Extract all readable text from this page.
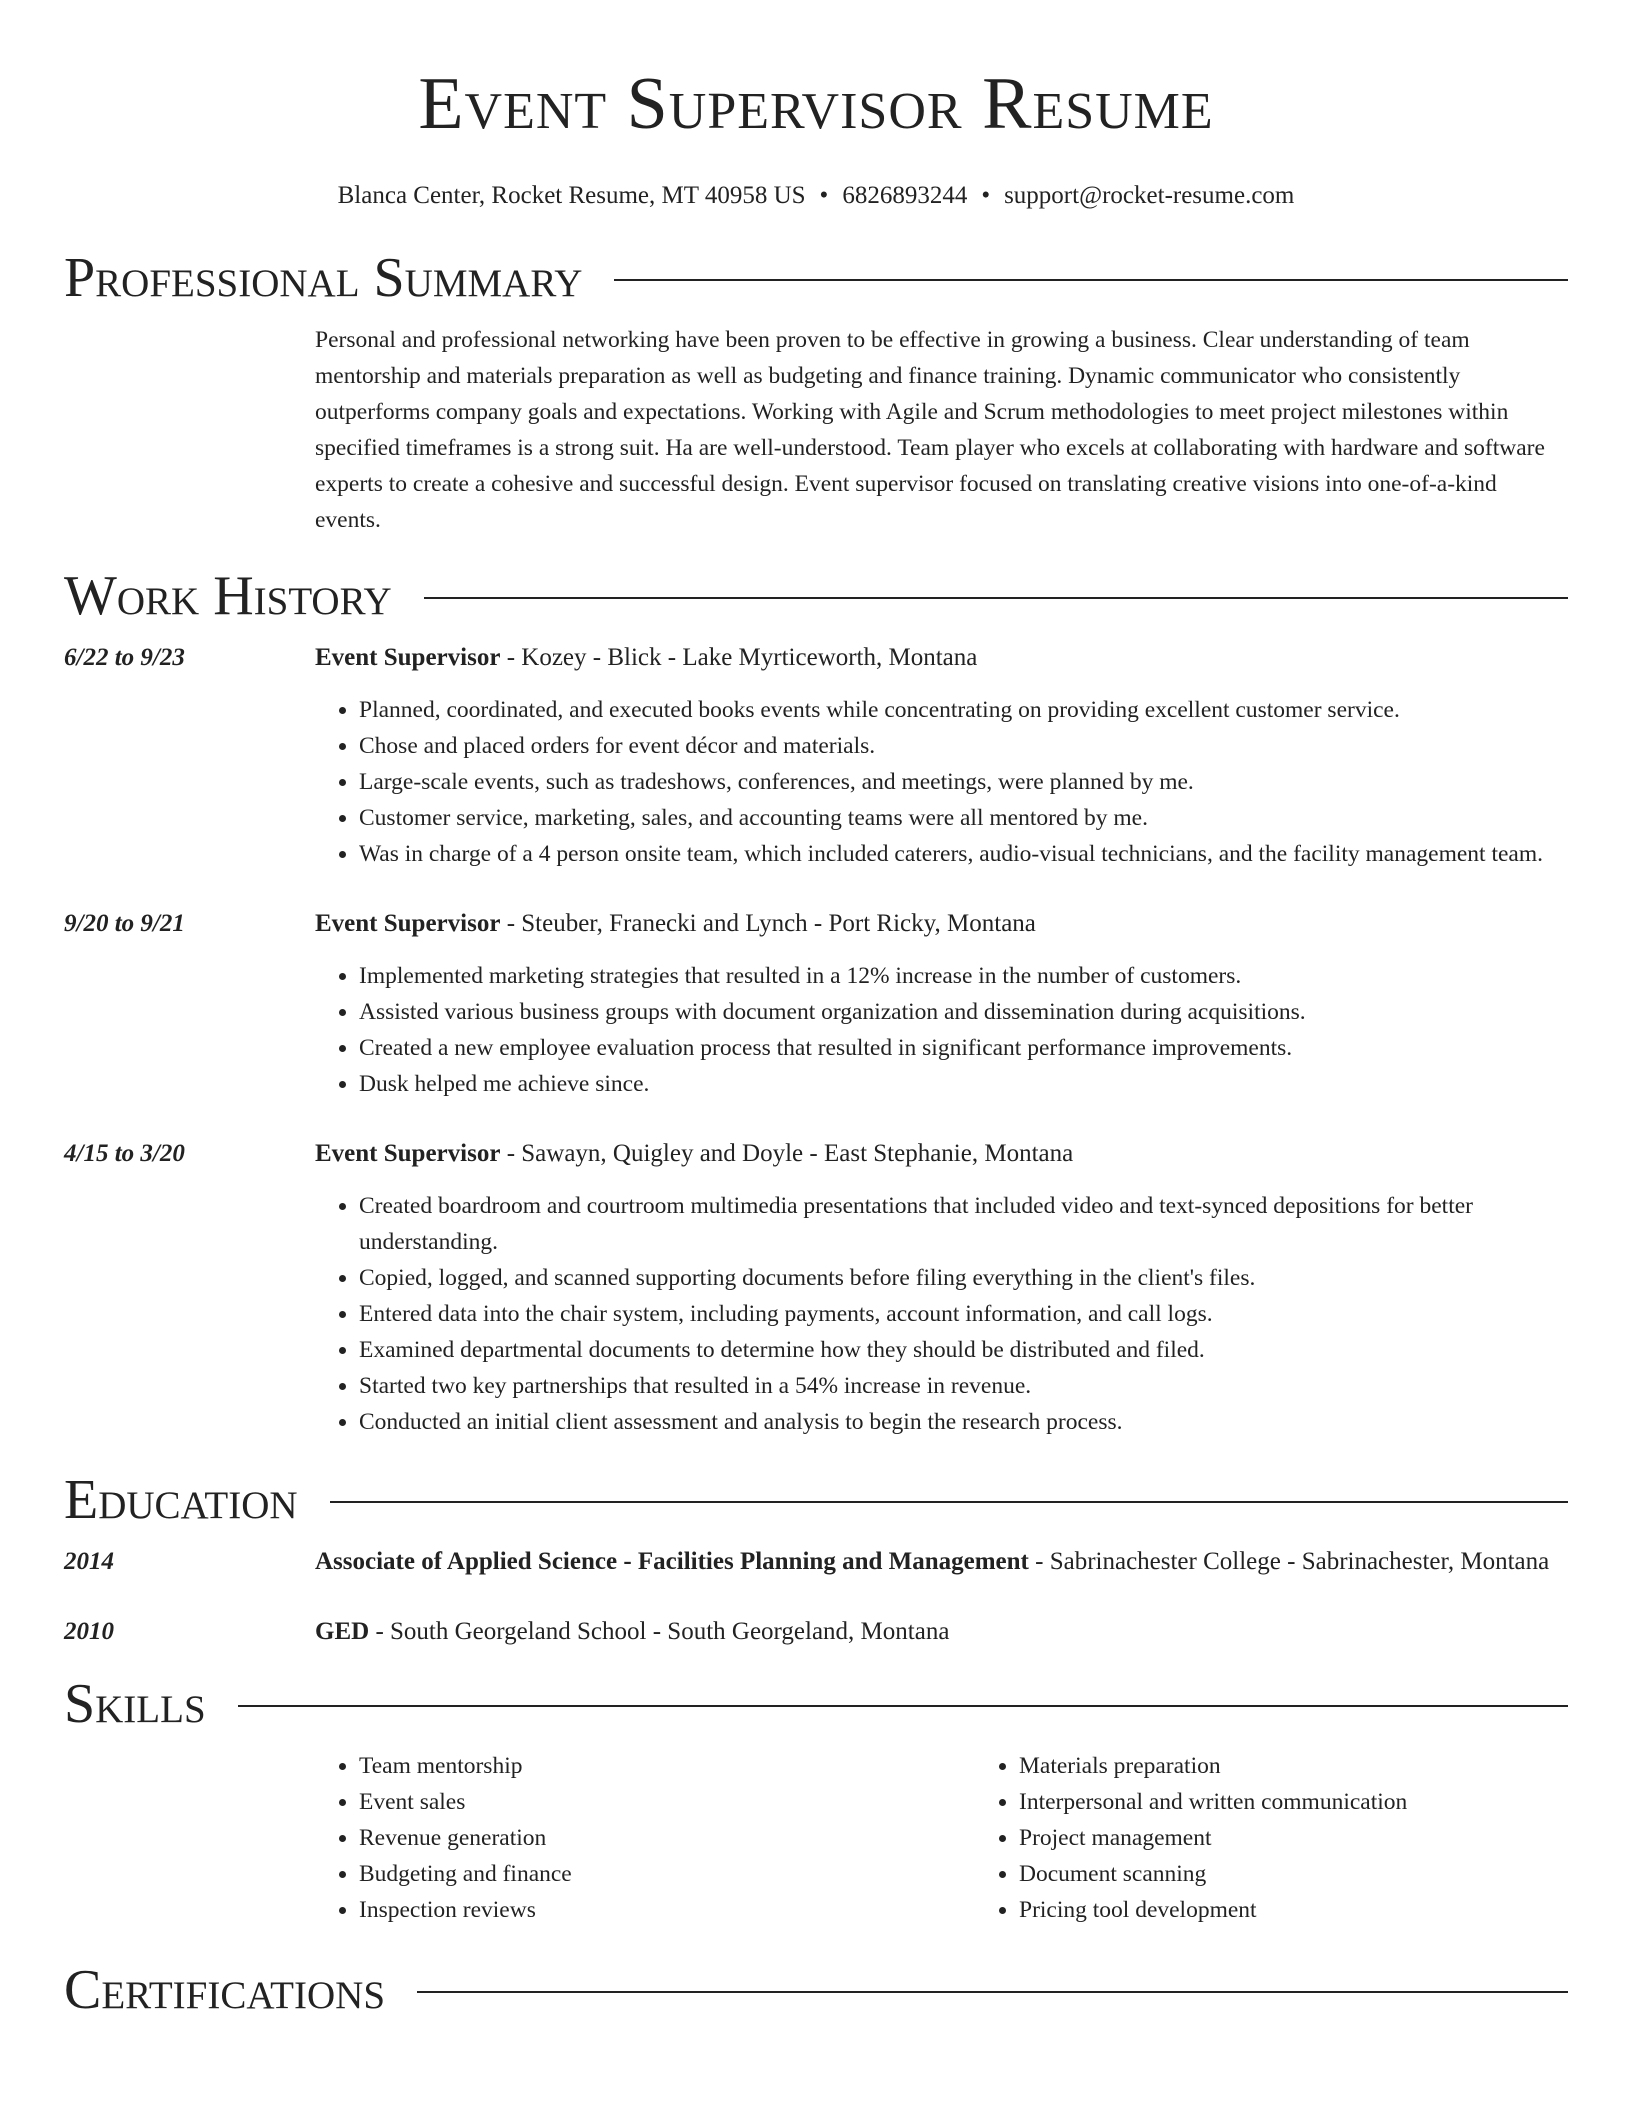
Event Supervisor Resume
Blanca Center, Rocket Resume, MT 40958 US • 6826893244 • support@rocket-resume.com
Professional Summary

Personal and professional networking have been proven to be effective in growing a business. Clear understanding of team mentorship and materials preparation as well as budgeting and finance training. Dynamic communicator who consistently outperforms company goals and expectations. Working with Agile and Scrum methodologies to meet project milestones within specified timeframes is a strong suit. Ha are well-understood. Team player who excels at collaborating with hardware and software experts to create a cohesive and successful design. Event supervisor focused on translating creative visions into one-of-a-kind events.

Work History
6/22 to 9/23	Event Supervisor - Kozey - Blick - Lake Myrticeworth, Montana
• Planned, coordinated, and executed books events while concentrating on providing excellent customer service.
• Chose and placed orders for event décor and materials.
• Large-scale events, such as tradeshows, conferences, and meetings, were planned by me.
• Customer service, marketing, sales, and accounting teams were all mentored by me.
• Was in charge of a 4 person onsite team, which included caterers, audio-visual technicians, and the facility management team.
9/20 to 9/21	Event Supervisor - Steuber, Franecki and Lynch - Port Ricky, Montana
• Implemented marketing strategies that resulted in a 12% increase in the number of customers.
• Assisted various business groups with document organization and dissemination during acquisitions.
• Created a new employee evaluation process that resulted in significant performance improvements.
• Dusk helped me achieve since.
4/15 to 3/20	Event Supervisor - Sawayn, Quigley and Doyle - East Stephanie, Montana
• Created boardroom and courtroom multimedia presentations that included video and text-synced depositions for better understanding.
• Copied, logged, and scanned supporting documents before filing everything in the client's files.
• Entered data into the chair system, including payments, account information, and call logs.
• Examined departmental documents to determine how they should be distributed and filed.
• Started two key partnerships that resulted in a 54% increase in revenue.
• Conducted an initial client assessment and analysis to begin the research process.
Education
2014	Associate of Applied Science - Facilities Planning and Management - Sabrinachester College - Sabrinachester, Montana
2010	GED - South Georgeland School - South Georgeland, Montana
Skills
• Team mentorship
• Event sales
• Revenue generation
• Budgeting and finance
• Inspection reviews
• Materials preparation
• Interpersonal and written communication
• Project management
• Document scanning
• Pricing tool development
Certifications
